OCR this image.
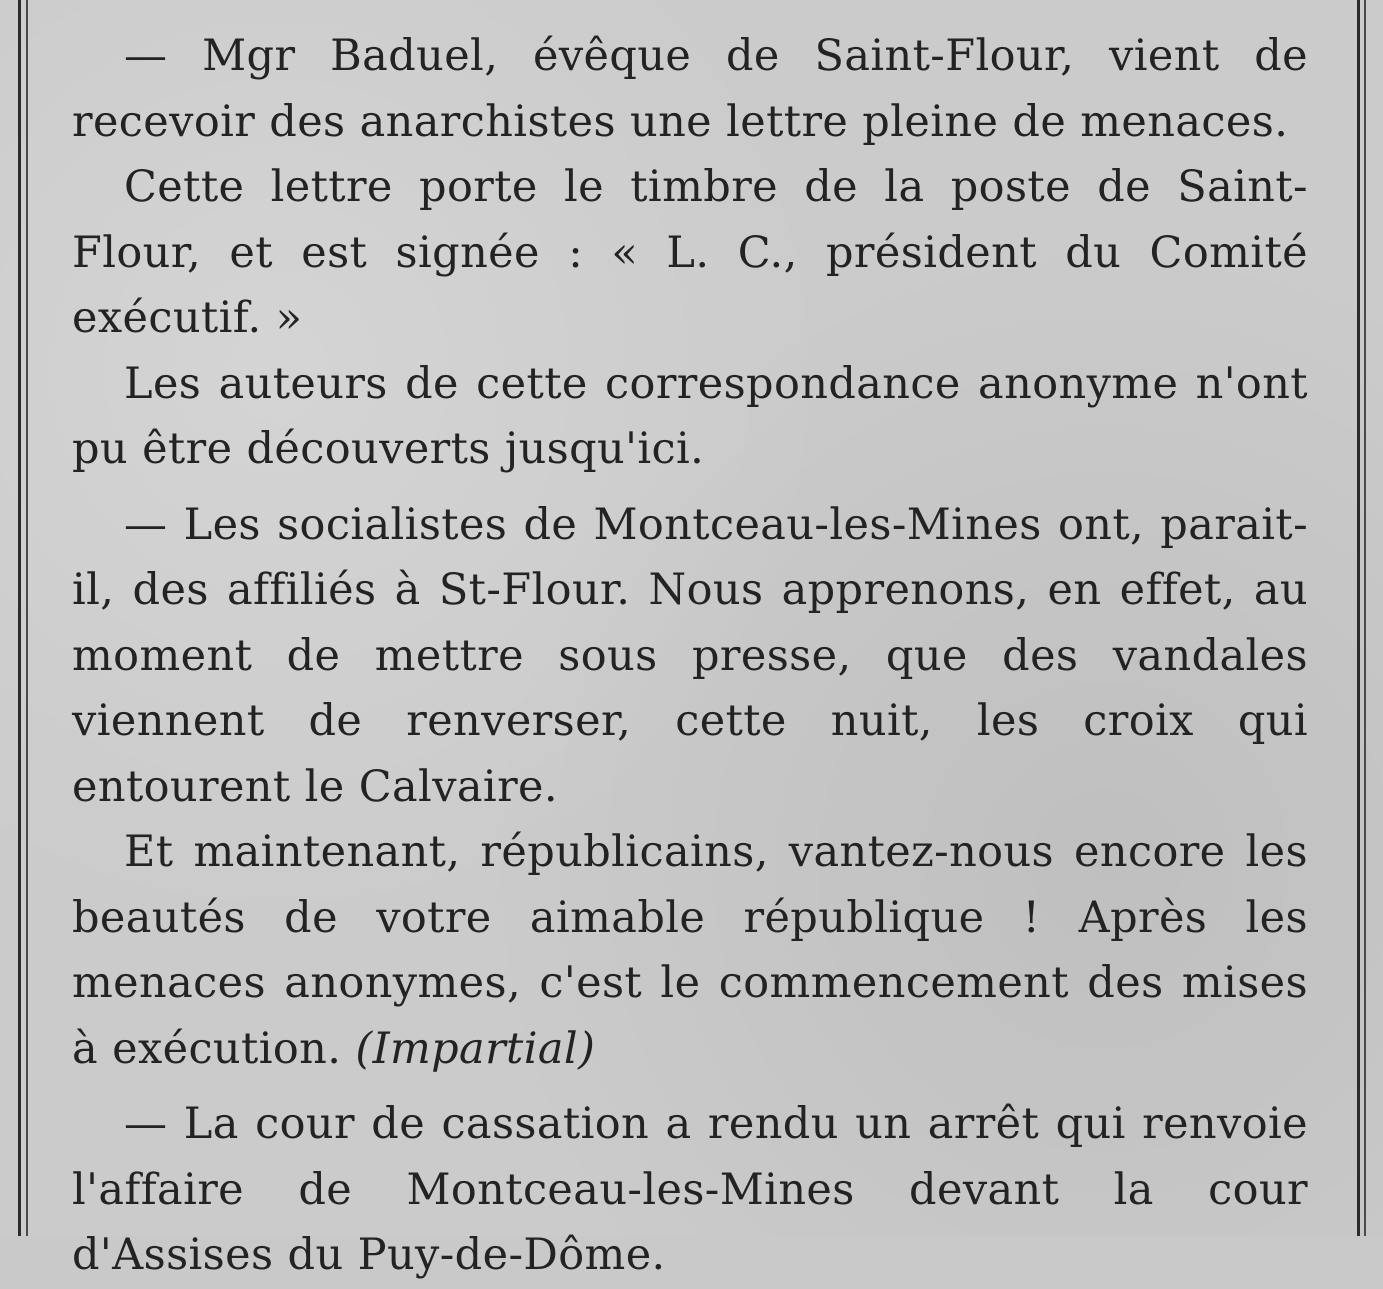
— Mgr Baduel, évêque de Saint-Flour, vient de recevoir des anarchistes une lettre pleine de menaces.

Cette lettre porte le timbre de la poste de Saint-Flour, et est signée : « L. C., président du Comité exécutif. »

Les auteurs de cette correspondance anonyme n'ont pu être découverts jusqu'ici.

— Les socialistes de Montceau-les-Mines ont, parait-il, des affiliés à St-Flour. Nous apprenons, en effet, au moment de mettre sous presse, que des vandales viennent de renverser, cette nuit, les croix qui entourent le Calvaire.

Et maintenant, républicains, vantez-nous encore les beautés de votre aimable république ! Après les menaces anonymes, c'est le commencement des mises à exécution. (Impartial)

— La cour de cassation a rendu un arrêt qui renvoie l'affaire de Montceau-les-Mines devant la cour d'Assises du Puy-de-Dôme.
